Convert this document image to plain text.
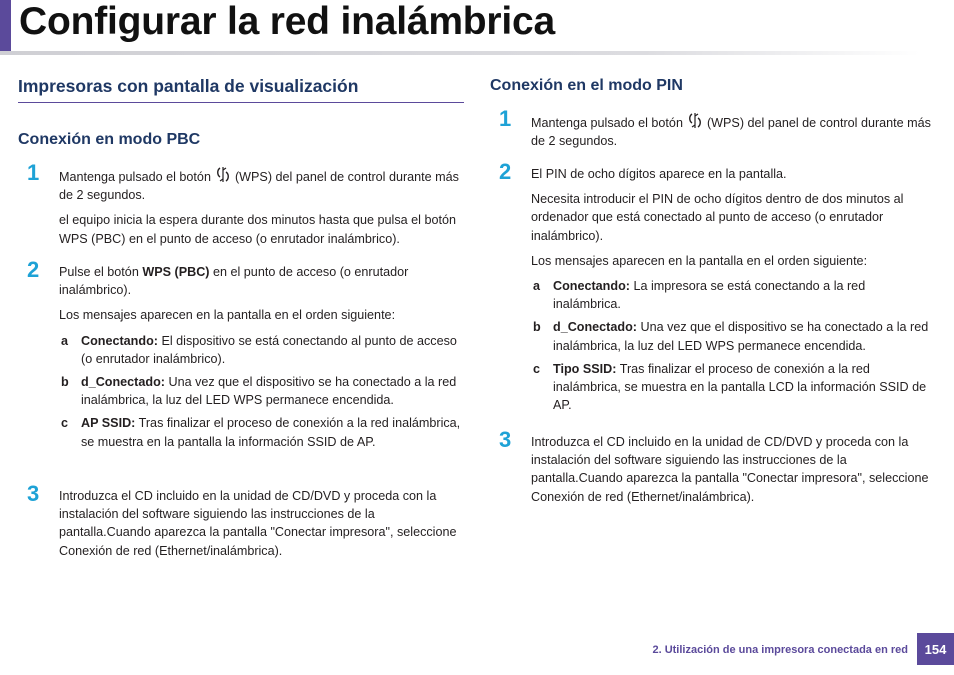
Configurar la red inalámbrica
Impresoras con pantalla de visualización
Conexión en modo PBC
1 Mantenga pulsado el botón (WPS) del panel de control durante más de 2 segundos.

el equipo inicia la espera durante dos minutos hasta que pulsa el botón WPS (PBC) en el punto de acceso (o enrutador inalámbrico).

2 Pulse el botón WPS (PBC) en el punto de acceso (o enrutador inalámbrico).

Los mensajes aparecen en la pantalla en el orden siguiente:

a Conectando: El dispositivo se está conectando al punto de acceso (o enrutador inalámbrico).
b d_Conectado: Una vez que el dispositivo se ha conectado a la red inalámbrica, la luz del LED WPS permanece encendida.
c AP SSID: Tras finalizar el proceso de conexión a la red inalámbrica, se muestra en la pantalla la información SSID de AP.
3 Introduzca el CD incluido en la unidad de CD/DVD y proceda con la instalación del software siguiendo las instrucciones de la pantalla.Cuando aparezca la pantalla "Conectar impresora", seleccione Conexión de red (Ethernet/inalámbrica).

Conexión en el modo PIN
1 Mantenga pulsado el botón (WPS) del panel de control durante más de 2 segundos.

2 El PIN de ocho dígitos aparece en la pantalla.

Necesita introducir el PIN de ocho dígitos dentro de dos minutos al ordenador que está conectado al punto de acceso (o enrutador inalámbrico).

Los mensajes aparecen en la pantalla en el orden siguiente:

a Conectando: La impresora se está conectando a la red inalámbrica.
b d_Conectado: Una vez que el dispositivo se ha conectado a la red inalámbrica, la luz del LED WPS permanece encendida.
c Tipo SSID: Tras finalizar el proceso de conexión a la red inalámbrica, se muestra en la pantalla LCD la información SSID de AP.
3 Introduzca el CD incluido en la unidad de CD/DVD y proceda con la instalación del software siguiendo las instrucciones de la pantalla.Cuando aparezca la pantalla "Conectar impresora", seleccione Conexión de red (Ethernet/inalámbrica).

2. Utilización de una impresora conectada en red	154
